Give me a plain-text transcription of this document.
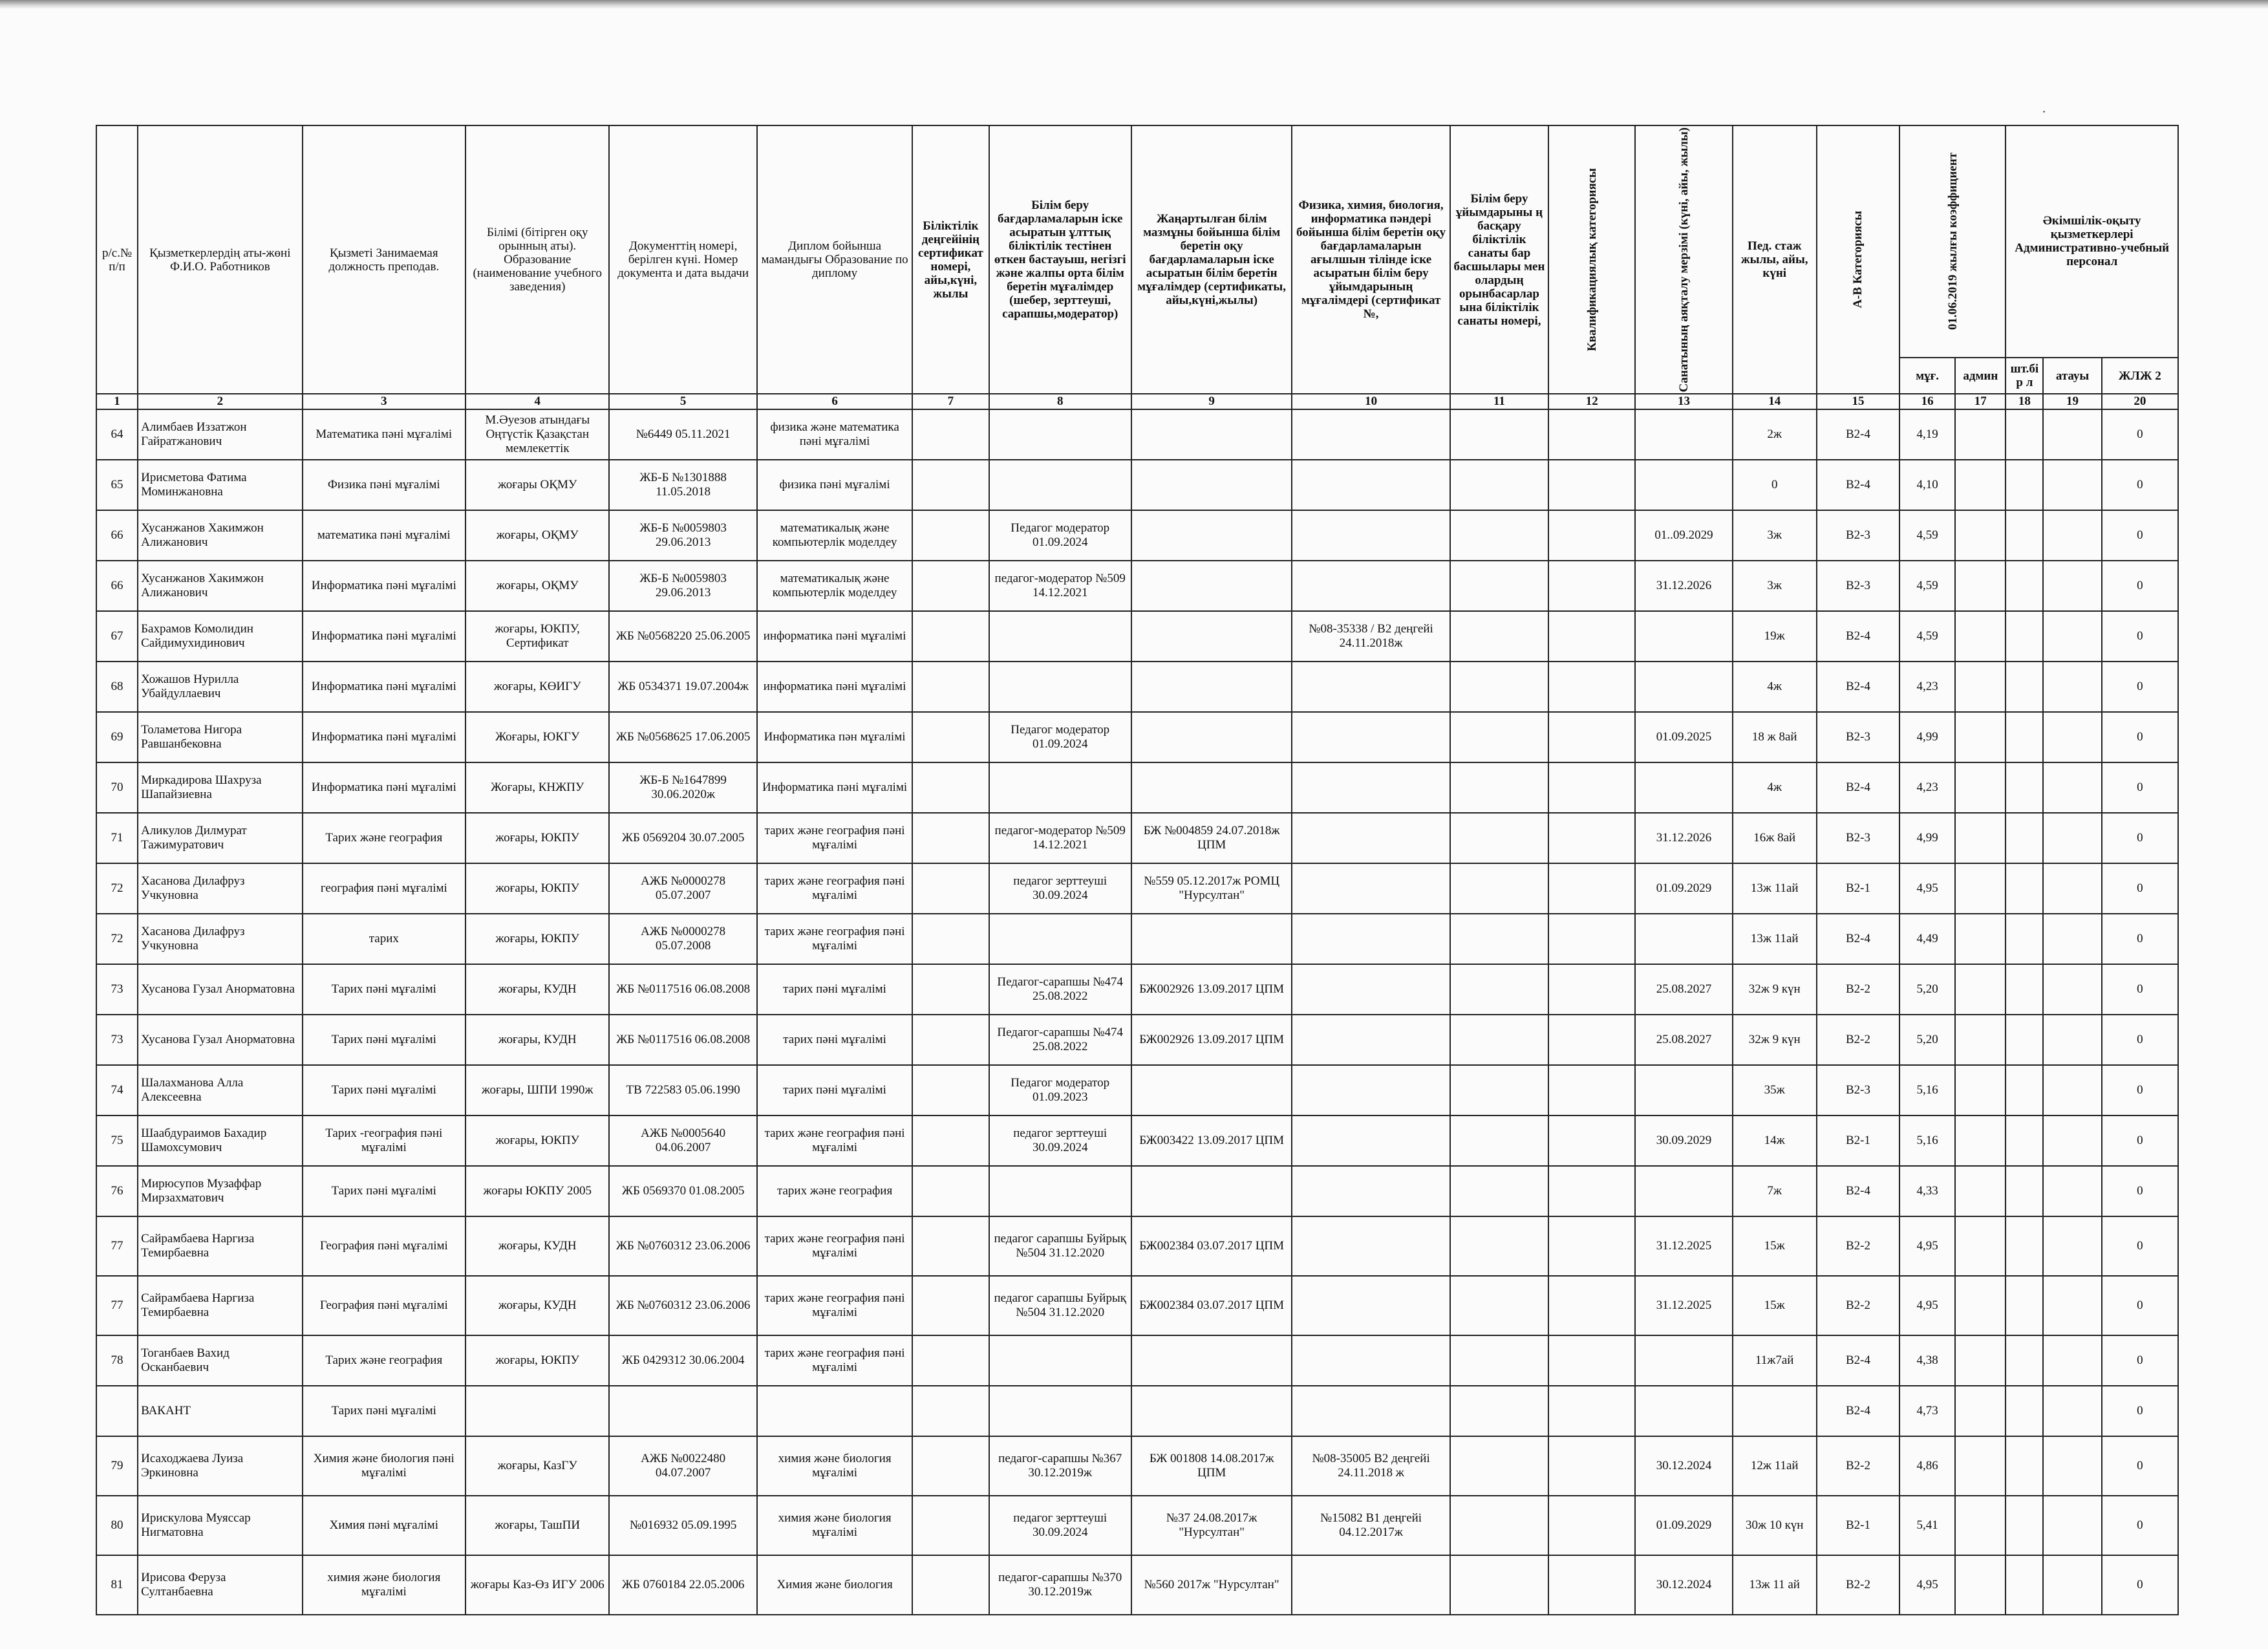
·
р/с.№ п/п	Қызметкерлердің аты-жөні Ф.И.О. Работников	Қызметі Занимаемая должность преподав.	Білімі (бітірген оқу орынның аты). Образование (наименование учебного заведения)	Документтің номері, берілген күні. Номер документа и дата выдачи	Диплом бойынша мамандығы Образование по диплому	Біліктілік деңгейінің сертификат номері, айы,күні, жылы	Білім беру бағдарламаларын іске асыратын ұлттық біліктілік тестінен өткен бастауыш, негізгі және жалпы орта білім беретін мұғалімдер (шебер, зерттеуші, сарапшы,модератор)	Жаңартылған білім мазмұны бойынша білім беретін оқу бағдарламаларын іске асыратын білім беретін мұғалімдер (сертификаты, айы,күні,жылы)	Физика, химия, биология, информатика пәндері бойынша білім беретін оқу бағдарламаларын ағылшын тілінде іске асыратын білім беру ұйымдарының мұғалімдері (сертификат №,	Білім беру ұйымдарыны ң басқару біліктілік санаты бар басшылары мен олардың орынбасарлар ына біліктілік санаты номері,	Квалификациялық категориясы	Санатының аяқталу мерзімі (күні, айы, жылы)	Пед. стаж жылы, айы, күні	А-В Категориясы	01.06.2019 жылғы коэффициент		Әкімшілік-оқыту қызметкерлері Административно-учебный персонал		
															мұғ.	админ	шт.бір л	атауы	ЖЛЖ 2
1	2	3	4	5	6	7	8	9	10	11	12	13	14	15	16	17	18	19	20
64	Алимбаев Иззатжон Гайратжанович	Математика пәні мұғалімі	М.Әуезов атындағы Оңтүстік Қазақстан мемлекеттік	№6449 05.11.2021	физика және математика пәні мұғалімі								2ж	В2-4	4,19				0
65	Ирисметова Фатима Моминжановна	Физика пәні мұғалімі	жоғары ОҚМУ	ЖБ-Б №1301888 11.05.2018	физика пәні мұғалімі								0	В2-4	4,10				0
66	Хусанжанов Хакимжон Алижанович	математика пәні мұғалімі	жоғары, ОҚМУ	ЖБ-Б №0059803 29.06.2013	математикалық және компьютерлік моделдеу		Педагог модератор 01.09.2024					01..09.2029	3ж	В2-3	4,59				0
66	Хусанжанов Хакимжон Алижанович	Информатика пәні мұғалімі	жоғары, ОҚМУ	ЖБ-Б №0059803 29.06.2013	математикалық және компьютерлік моделдеу		педагог-модератор №509 14.12.2021					31.12.2026	3ж	В2-3	4,59				0
67	Бахрамов Комолидин Сайдимухидинович	Информатика пәні мұғалімі	жоғары, ЮКПУ, Сертификат	ЖБ №0568220 25.06.2005	информатика пәні мұғалімі				№08-35338 / В2 деңгейі 24.11.2018ж				19ж	В2-4	4,59				0
68	Хожашов Нурилла Убайдуллаевич	Информатика пәні мұғалімі	жоғары, КӨИГУ	ЖБ 0534371 19.07.2004ж	информатика пәні мұғалімі								4ж	В2-4	4,23				0
69	Толаметова Нигора Равшанбековна	Информатика пәні мұғалімі	Жоғары, ЮКГУ	ЖБ №0568625 17.06.2005	Информатика пән мұғалімі		Педагог модератор 01.09.2024					01.09.2025	18 ж 8ай	В2-3	4,99				0
70	Миркадирова Шахруза Шапайзиевна	Информатика пәні мұғалімі	Жоғары, КНЖПУ	ЖБ-Б №1647899 30.06.2020ж	Информатика пәні мұғалімі								4ж	В2-4	4,23				0
71	Аликулов Дилмурат Тажимуратович	Тарих және география	жоғары, ЮКПУ	ЖБ 0569204 30.07.2005	тарих және география пәні мұғалімі		педагог-модератор №509 14.12.2021	БЖ №004859 24.07.2018ж ЦПМ				31.12.2026	16ж 8ай	В2-3	4,99				0
72	Хасанова Дилафруз Учкуновна	география пәні мұғалімі	жоғары, ЮКПУ	АЖБ №0000278 05.07.2007	тарих және география пәні мұғалімі		педагог зерттеуші 30.09.2024	№559 05.12.2017ж РОМЦ "Нурсултан"				01.09.2029	13ж 11ай	В2-1	4,95				0
72	Хасанова Дилафруз Учкуновна	тарих	жоғары, ЮКПУ	АЖБ №0000278 05.07.2008	тарих және география пәні мұғалімі								13ж 11ай	В2-4	4,49				0
73	Хусанова Гузал Анорматовна	Тарих пәні мұғалімі	жоғары, КУДН	ЖБ №0117516 06.08.2008	тарих пәні мұғалімі		Педагог-сарапшы №474 25.08.2022	БЖ002926 13.09.2017 ЦПМ				25.08.2027	32ж 9 күн	В2-2	5,20				0
73	Хусанова Гузал Анорматовна	Тарих пәні мұғалімі	жоғары, КУДН	ЖБ №0117516 06.08.2008	тарих пәні мұғалімі		Педагог-сарапшы №474 25.08.2022	БЖ002926 13.09.2017 ЦПМ				25.08.2027	32ж 9 күн	В2-2	5,20				0
74	Шалахманова Алла Алексеевна	Тарих пәні мұғалімі	жоғары, ШПИ 1990ж	ТВ 722583 05.06.1990	тарих пәні мұғалімі		Педагог модератор 01.09.2023						35ж	В2-3	5,16				0
75	Шаабдураимов Бахадир Шамохсумович	Тарих -география пәні мұғалімі	жоғары, ЮКПУ	АЖБ №0005640 04.06.2007	тарих және география пәні мұғалімі		педагог зерттеуші 30.09.2024	БЖ003422 13.09.2017 ЦПМ				30.09.2029	14ж	В2-1	5,16				0
76	Мирюсупов Музаффар Мирзахматович	Тарих пәні мұғалімі	жоғары ЮКПУ 2005	ЖБ 0569370 01.08.2005	тарих және география								7ж	В2-4	4,33				0
77	Сайрамбаева Наргиза Темирбаевна	География пәні мұғалімі	жоғары, КУДН	ЖБ №0760312 23.06.2006	тарих және география пәні мұғалімі		педагог сарапшы Буйрық №504 31.12.2020	БЖ002384 03.07.2017 ЦПМ				31.12.2025	15ж	В2-2	4,95				0
77	Сайрамбаева Наргиза Темирбаевна	География пәні мұғалімі	жоғары, КУДН	ЖБ №0760312 23.06.2006	тарих және география пәні мұғалімі		педагог сарапшы Буйрық №504 31.12.2020	БЖ002384 03.07.2017 ЦПМ				31.12.2025	15ж	В2-2	4,95				0
78	Тоганбаев Вахид Осканбаевич	Тарих және география	жоғары, ЮКПУ	ЖБ 0429312 30.06.2004	тарих және география пәні мұғалімі								11ж7ай	В2-4	4,38				0
	ВАКАНТ	Тарих пәні мұғалімі												В2-4	4,73				0
79	Исаходжаева Луиза Эркиновна	Химия және биология пәні мұғалімі	жоғары, КазГУ	АЖБ №0022480 04.07.2007	химия және биология мұғалімі		педагог-сарапшы №367 30.12.2019ж	БЖ 001808 14.08.2017ж ЦПМ	№08-35005 В2 деңгейі 24.11.2018 ж			30.12.2024	12ж 11ай	В2-2	4,86				0
80	Ирискулова Муяссар Нигматовна	Химия пәні мұғалімі	жоғары, ТашПИ	№016932 05.09.1995	химия және биология мұғалімі		педагог зерттеуші 30.09.2024	№37 24.08.2017ж "Нурсултан"	№15082 В1 деңгейі 04.12.2017ж			01.09.2029	30ж 10 күн	В2-1	5,41				0
81	Ирисова Феруза Султанбаевна	химия және биология мұғалімі	жоғары Каз-Өз ИГУ 2006	ЖБ 0760184 22.05.2006	Химия және биология		педагог-сарапшы №370 30.12.2019ж	№560 2017ж "Нурсултан"				30.12.2024	13ж 11 ай	В2-2	4,95				0
